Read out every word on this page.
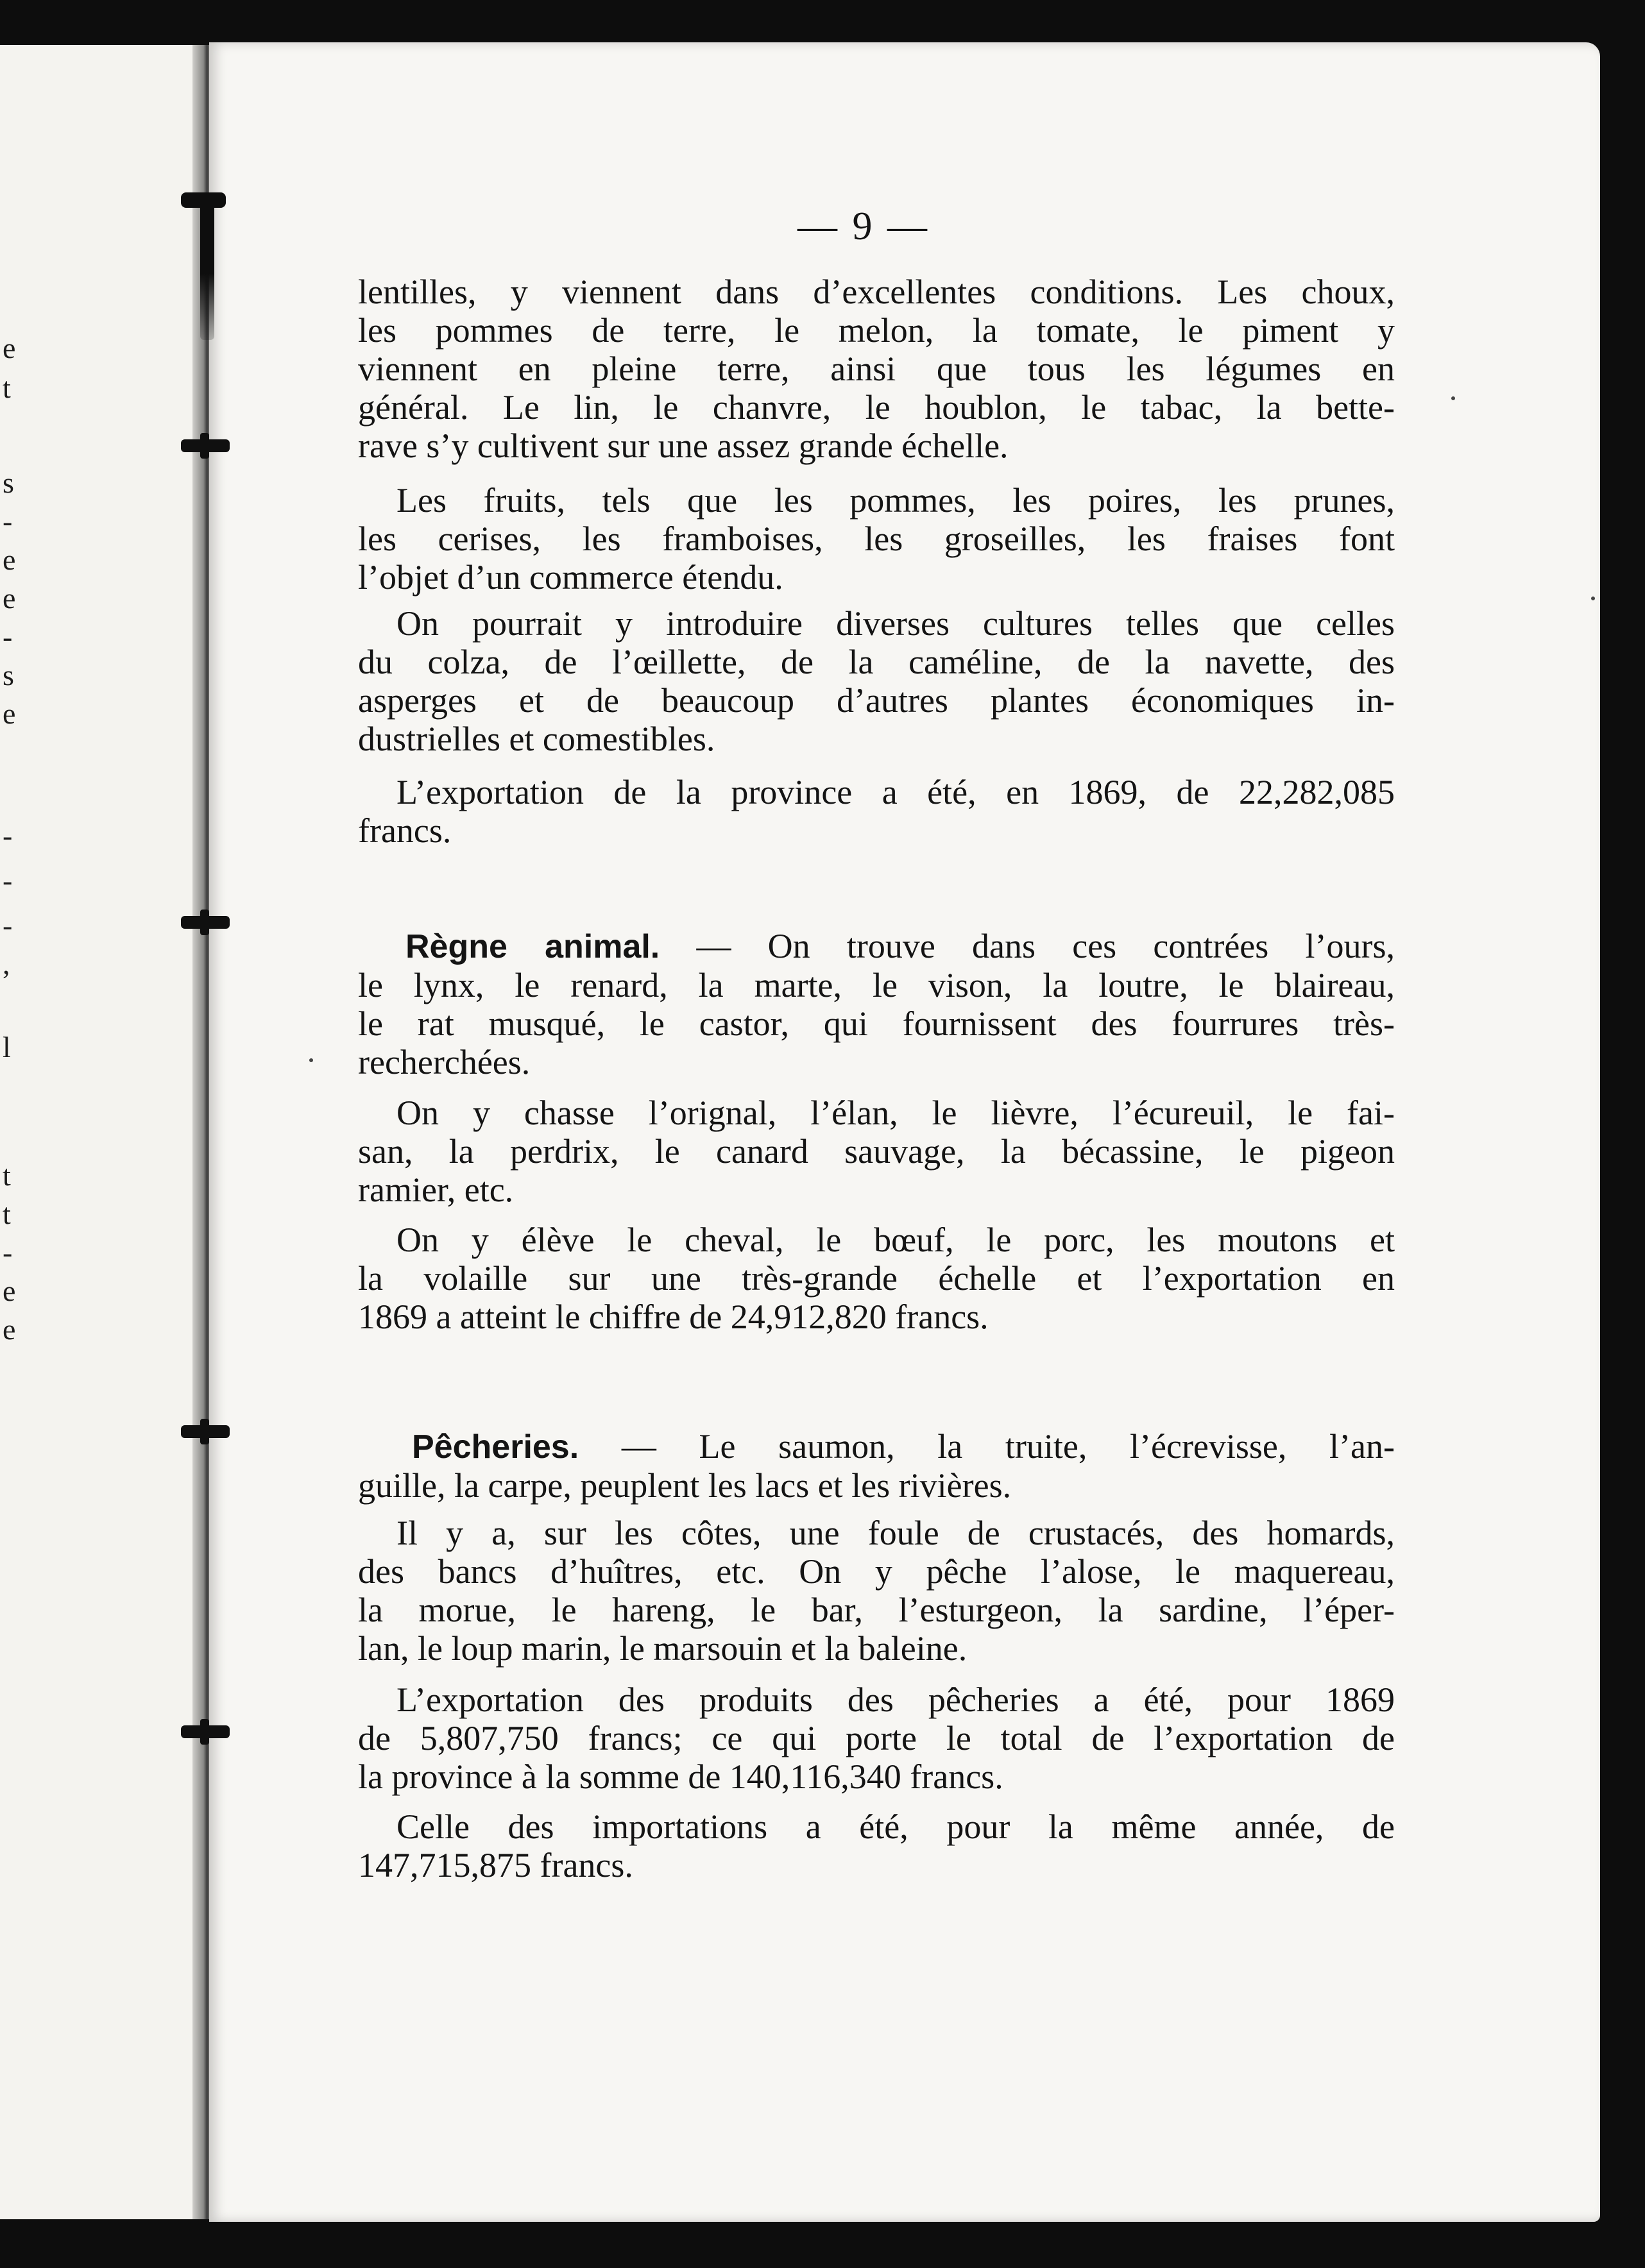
e
t
s
-
e
e
-
s
e
-
-
-
,
l
t
t
-
e
e
— 9 —
lentilles, y viennent dans d’excellentes conditions. Les choux,
les pommes de terre, le melon, la tomate, le piment y
viennent en pleine terre, ainsi que tous les légumes en
général. Le lin, le chanvre, le houblon, le tabac, la bette-
rave s’y cultivent sur une assez grande échelle.
Les fruits, tels que les pommes, les poires, les prunes,
les cerises, les framboises, les groseilles, les fraises font
l’objet d’un commerce étendu.
On pourrait y introduire diverses cultures telles que celles
du colza, de l’œillette, de la caméline, de la navette, des
asperges et de beaucoup d’autres plantes économiques in-
dustrielles et comestibles.
L’exportation de la province a été, en 1869, de 22,282,085
francs.
Règne animal. — On trouve dans ces contrées l’ours,
le lynx, le renard, la marte, le vison, la loutre, le blaireau,
le rat musqué, le castor, qui fournissent des fourrures très-
recherchées.
On y chasse l’orignal, l’élan, le lièvre, l’écureuil, le fai-
san, la perdrix, le canard sauvage, la bécassine, le pigeon
ramier, etc.
On y élève le cheval, le bœuf, le porc, les moutons et
la volaille sur une très-grande échelle et l’exportation en
1869 a atteint le chiffre de 24,912,820 francs.
Pêcheries. — Le saumon, la truite, l’écrevisse, l’an-
guille, la carpe, peuplent les lacs et les rivières.
Il y a, sur les côtes, une foule de crustacés, des homards,
des bancs d’huîtres, etc. On y pêche l’alose, le maquereau,
la morue, le hareng, le bar, l’esturgeon, la sardine, l’éper-
lan, le loup marin, le marsouin et la baleine.
L’exportation des produits des pêcheries a été, pour 1869
de 5,807,750 francs; ce qui porte le total de l’exportation de
la province à la somme de 140,116,340 francs.
Celle des importations a été, pour la même année, de
147,715,875 francs.
